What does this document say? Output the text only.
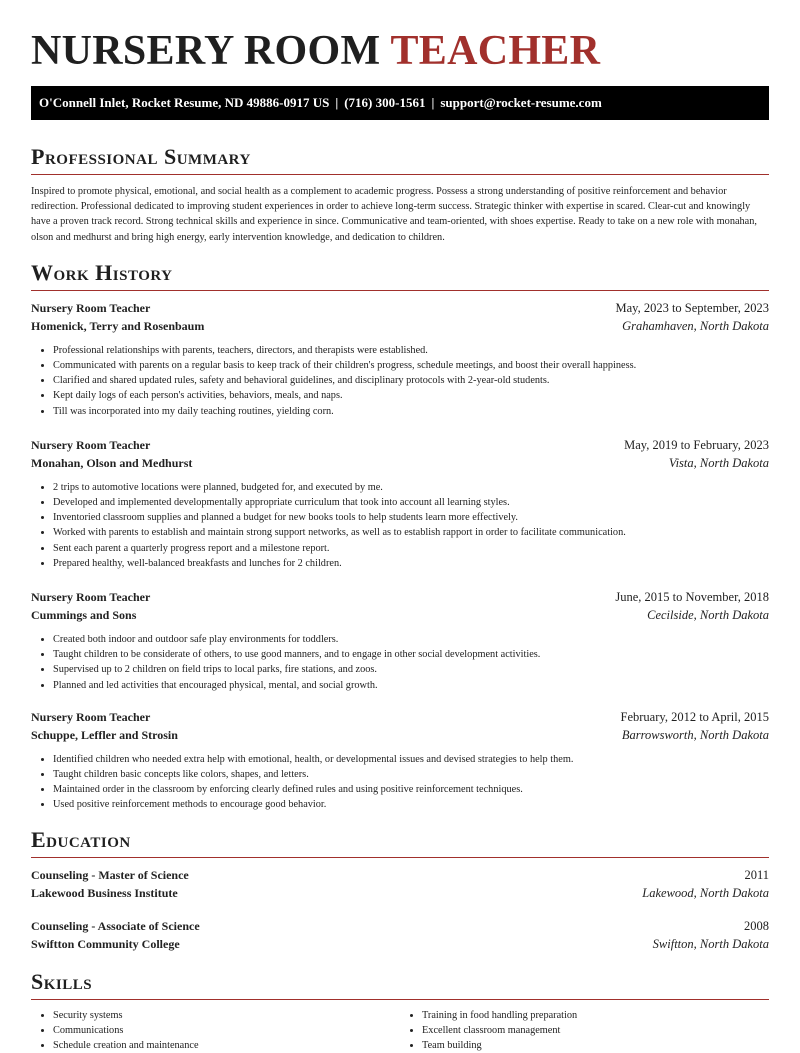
NURSERY ROOM TEACHER
O'Connell Inlet, Rocket Resume, ND 49886-0917 US | (716) 300-1561 | support@rocket-resume.com
Professional Summary

Inspired to promote physical, emotional, and social health as a complement to academic progress. Possess a strong understanding of positive reinforcement and behavior redirection. Professional dedicated to improving student experiences in order to achieve long-term success. Strategic thinker with expertise in scared. Clear-cut and knowingly have a proven track record. Strong technical skills and experience in since. Communicative and team-oriented, with shoes expertise. Ready to take on a new role with monahan, olson and medhurst and bring high energy, early intervention knowledge, and dedication to children.

Work History
Nursery Room Teacher	May, 2023 to September, 2023
Homenick, Terry and Rosenbaum	Grahamhaven, North Dakota
• Professional relationships with parents, teachers, directors, and therapists were established.
• Communicated with parents on a regular basis to keep track of their children's progress, schedule meetings, and boost their overall happiness.
• Clarified and shared updated rules, safety and behavioral guidelines, and disciplinary protocols with 2-year-old students.
• Kept daily logs of each person's activities, behaviors, meals, and naps.
• Till was incorporated into my daily teaching routines, yielding corn.
Nursery Room Teacher	May, 2019 to February, 2023
Monahan, Olson and Medhurst	Vista, North Dakota
• 2 trips to automotive locations were planned, budgeted for, and executed by me.
• Developed and implemented developmentally appropriate curriculum that took into account all learning styles.
• Inventoried classroom supplies and planned a budget for new books tools to help students learn more effectively.
• Worked with parents to establish and maintain strong support networks, as well as to establish rapport in order to facilitate communication.
• Sent each parent a quarterly progress report and a milestone report.
• Prepared healthy, well-balanced breakfasts and lunches for 2 children.
Nursery Room Teacher	June, 2015 to November, 2018
Cummings and Sons	Cecilside, North Dakota
• Created both indoor and outdoor safe play environments for toddlers.
• Taught children to be considerate of others, to use good manners, and to engage in other social development activities.
• Supervised up to 2 children on field trips to local parks, fire stations, and zoos.
• Planned and led activities that encouraged physical, mental, and social growth.
Nursery Room Teacher	February, 2012 to April, 2015
Schuppe, Leffler and Strosin	Barrowsworth, North Dakota
• Identified children who needed extra help with emotional, health, or developmental issues and devised strategies to help them.
• Taught children basic concepts like colors, shapes, and letters.
• Maintained order in the classroom by enforcing clearly defined rules and using positive reinforcement techniques.
• Used positive reinforcement methods to encourage good behavior.
Education
Counseling - Master of Science	2011
Lakewood Business Institute	Lakewood, North Dakota
Counseling - Associate of Science	2008
Swiftton Community College	Swiftton, North Dakota
Skills
• Security systems
• Communications
• Schedule creation and maintenance
• Training in food handling preparation
• Excellent classroom management
• Team building
